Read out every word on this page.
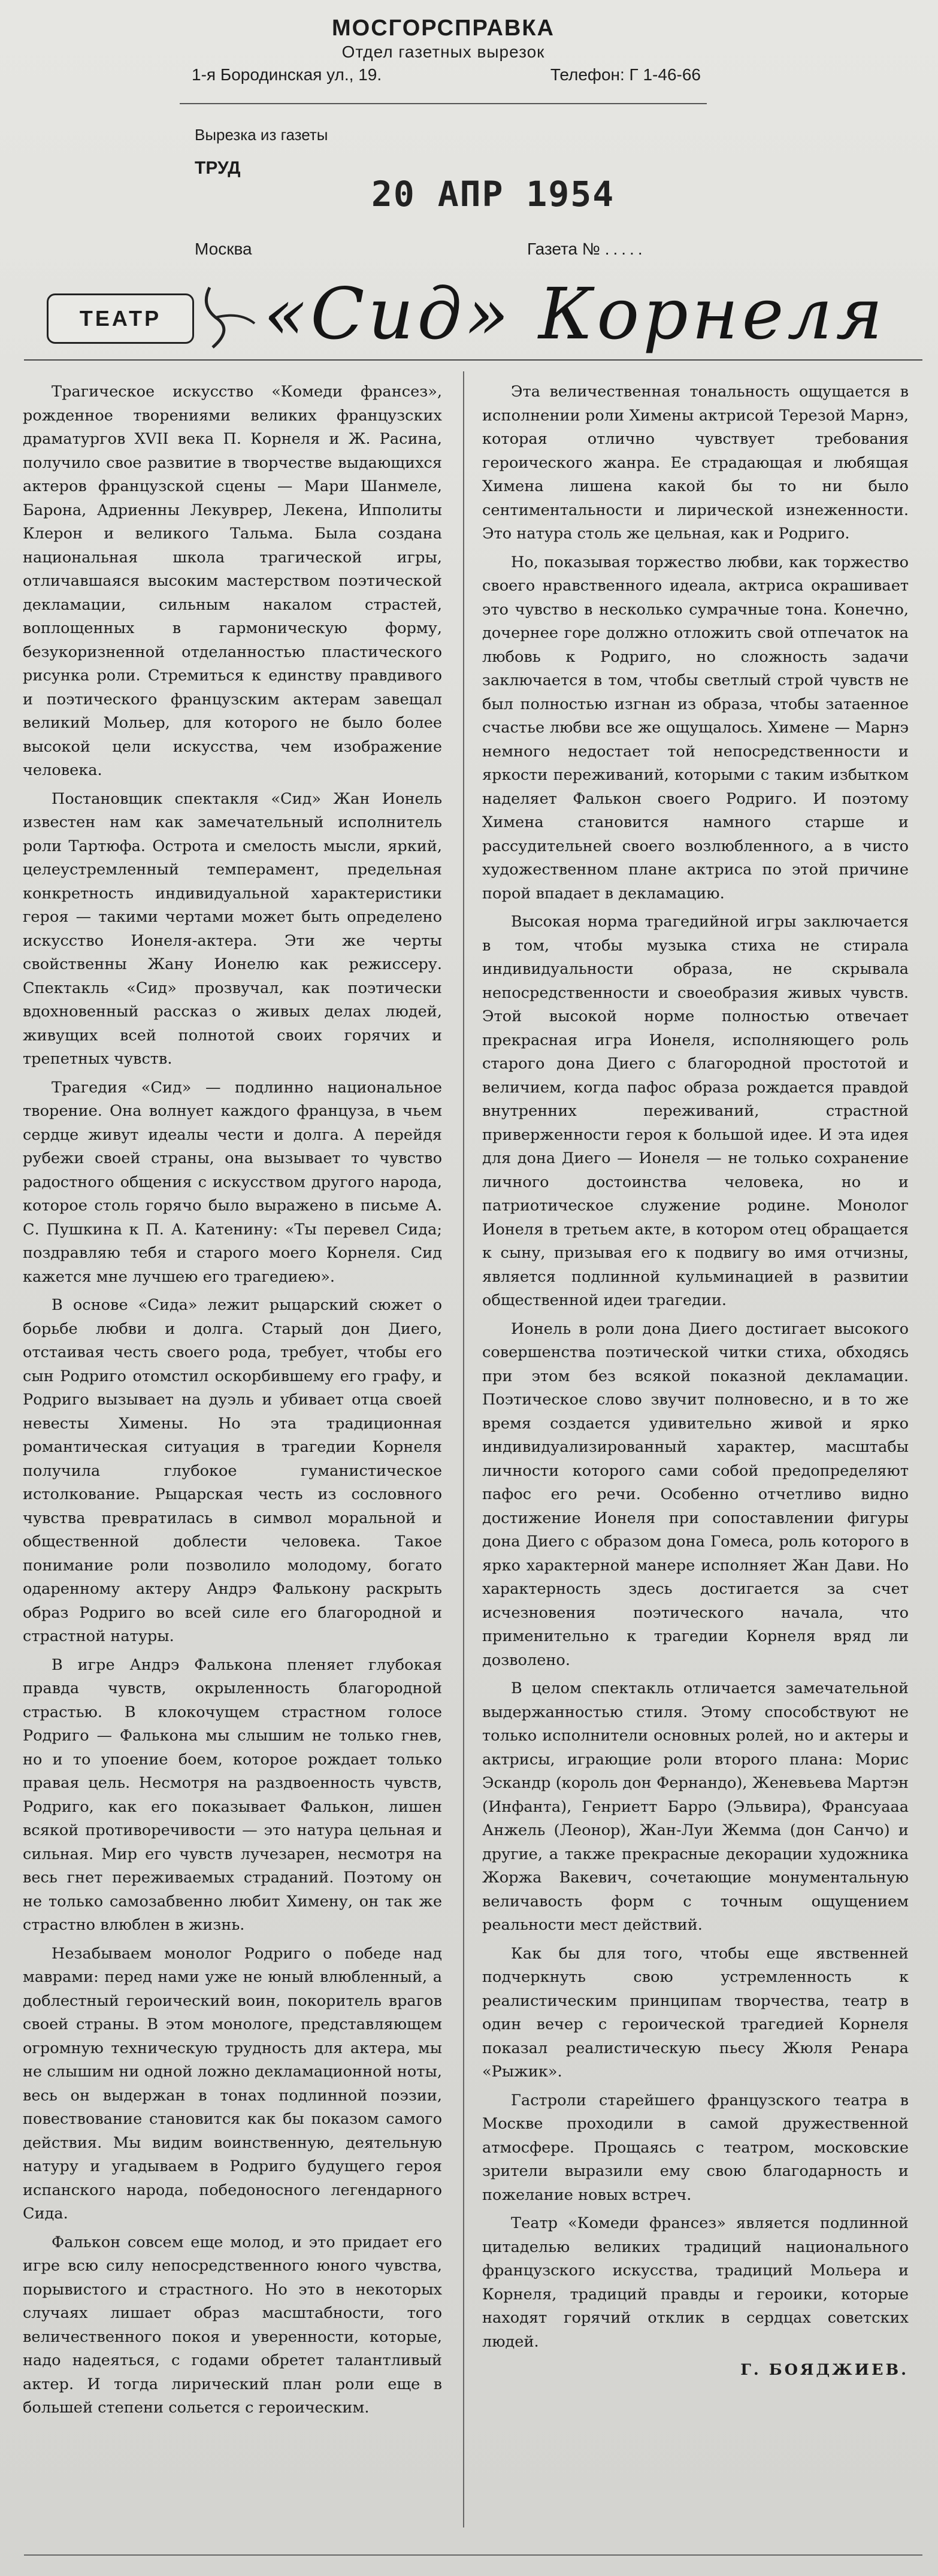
МОСГОРСПРАВКА
Отдел газетных вырезок
1-я Бородинская ул., 19.	Телефон: Г 1-46-66
Вырезка из газеты
ТРУД
20 АПР 1954
Москва	Газета № .....
ТЕАТР	«Сид» Корнеля

Трагическое искусство «Комеди франсез», рожденное творениями великих французских драматургов XVII века П. Корнеля и Ж. Расина, получило свое развитие в творчестве выдающихся актеров французской сцены — Мари Шанмеле, Барона, Адриенны Лекуврер, Лекена, Ипполиты Клерон и великого Тальма. Была создана национальная школа трагической игры, отличавшаяся высоким мастерством поэтической декламации, сильным накалом страстей, воплощенных в гармоническую форму, безукоризненной отделанностью пластического рисунка роли. Стремиться к единству правдивого и поэтического французским актерам завещал великий Мольер, для которого не было более высокой цели искусства, чем изображение человека.

Постановщик спектакля «Сид» Жан Ионель известен нам как замечательный исполнитель роли Тартюфа. Острота и смелость мысли, яркий, целеустремленный темперамент, предельная конкретность индивидуальной характеристики героя — такими чертами может быть определено искусство Ионеля-актера. Эти же черты свойственны Жану Ионелю как режиссеру. Спектакль «Сид» прозвучал, как поэтически вдохновенный рассказ о живых делах людей, живущих всей полнотой своих горячих и трепетных чувств.

Трагедия «Сид» — подлинно национальное творение. Она волнует каждого француза, в чьем сердце живут идеалы чести и долга. А перейдя рубежи своей страны, она вызывает то чувство радостного общения с искусством другого народа, которое столь горячо было выражено в письме А. С. Пушкина к П. А. Катенину: «Ты перевел Сида; поздравляю тебя и старого моего Корнеля. Сид кажется мне лучшею его трагедиею».

В основе «Сида» лежит рыцарский сюжет о борьбе любви и долга. Старый дон Диего, отстаивая честь своего рода, требует, чтобы его сын Родриго отомстил оскорбившему его графу, и Родриго вызывает на дуэль и убивает отца своей невесты Химены. Но эта традиционная романтическая ситуация в трагедии Корнеля получила глубокое гуманистическое истолкование. Рыцарская честь из сословного чувства превратилась в символ моральной и общественной доблести человека. Такое понимание роли позволило молодому, богато одаренному актеру Андрэ Фалькону раскрыть образ Родриго во всей силе его благородной и страстной натуры.

В игре Андрэ Фалькона пленяет глубокая правда чувств, окрыленность благородной страстью. В клокочущем страстном голосе Родриго — Фалькона мы слышим не только гнев, но и то упоение боем, которое рождает только правая цель. Несмотря на раздвоенность чувств, Родриго, как его показывает Фалькон, лишен всякой противоречивости — это натура цельная и сильная. Мир его чувств лучезарен, несмотря на весь гнет переживаемых страданий. Поэтому он не только самозабвенно любит Химену, он так же страстно влюблен в жизнь.

Незабываем монолог Родриго о победе над маврами: перед нами уже не юный влюбленный, а доблестный героический воин, покоритель врагов своей страны. В этом монологе, представляющем огромную техническую трудность для актера, мы не слышим ни одной ложно декламационной ноты, весь он выдержан в тонах подлинной поэзии, повествование становится как бы показом самого действия. Мы видим воинственную, деятельную натуру и угадываем в Родриго будущего героя испанского народа, победоносного легендарного Сида.

Фалькон совсем еще молод, и это придает его игре всю силу непосредственного юного чувства, порывистого и страстного. Но это в некоторых случаях лишает образ масштабности, того величественного покоя и уверенности, которые, надо надеяться, с годами обретет талантливый актер. И тогда лирический план роли еще в большей степени сольется с героическим.

Эта величественная тональность ощущается в исполнении роли Химены актрисой Терезой Марнэ, которая отлично чувствует требования героического жанра. Ее страдающая и любящая Химена лишена какой бы то ни было сентиментальности и лирической изнеженности. Это натура столь же цельная, как и Родриго.

Но, показывая торжество любви, как торжество своего нравственного идеала, актриса окрашивает это чувство в несколько сумрачные тона. Конечно, дочернее горе должно отложить свой отпечаток на любовь к Родриго, но сложность задачи заключается в том, чтобы светлый строй чувств не был полностью изгнан из образа, чтобы затаенное счастье любви все же ощущалось. Химене — Марнэ немного недостает той непосредственности и яркости переживаний, которыми с таким избытком наделяет Фалькон своего Родриго. И поэтому Химена становится намного старше и рассудительней своего возлюбленного, а в чисто художественном плане актриса по этой причине порой впадает в декламацию.

Высокая норма трагедийной игры заключается в том, чтобы музыка стиха не стирала индивидуальности образа, не скрывала непосредственности и своеобразия живых чувств. Этой высокой норме полностью отвечает прекрасная игра Ионеля, исполняющего роль старого дона Диего с благородной простотой и величием, когда пафос образа рождается правдой внутренних переживаний, страстной приверженности героя к большой идее. И эта идея для дона Диего — Ионеля — не только сохранение личного достоинства человека, но и патриотическое служение родине. Монолог Ионеля в третьем акте, в котором отец обращается к сыну, призывая его к подвигу во имя отчизны, является подлинной кульминацией в развитии общественной идеи трагедии.

Ионель в роли дона Диего достигает высокого совершенства поэтической читки стиха, обходясь при этом без всякой показной декламации. Поэтическое слово звучит полновесно, и в то же время создается удивительно живой и ярко индивидуализированный характер, масштабы личности которого сами собой предопределяют пафос его речи. Особенно отчетливо видно достижение Ионеля при сопоставлении фигуры дона Диего с образом дона Гомеса, роль которого в ярко характерной манере исполняет Жан Дави. Но характерность здесь достигается за счет исчезновения поэтического начала, что применительно к трагедии Корнеля вряд ли дозволено.

В целом спектакль отличается замечательной выдержанностью стиля. Этому способствуют не только исполнители основных ролей, но и актеры и актрисы, играющие роли второго плана: Морис Эскандр (король дон Фернандо), Женевьева Мартэн (Инфанта), Генриетт Барро (Эльвира), Франсуааа Анжель (Леонор), Жан-Луи Жемма (дон Санчо) и другие, а также прекрасные декорации художника Жоржа Вакевич, сочетающие монументальную величавость форм с точным ощущением реальности мест действий.

Как бы для того, чтобы еще явственней подчеркнуть свою устремленность к реалистическим принципам творчества, театр в один вечер с героической трагедией Корнеля показал реалистическую пьесу Жюля Ренара «Рыжик».

Гастроли старейшего французского театра в Москве проходили в самой дружественной атмосфере. Прощаясь с театром, московские зрители выразили ему свою благодарность и пожелание новых встреч.

Театр «Комеди франсез» является подлинной цитаделью великих традиций национального французского искусства, традиций Мольера и Корнеля, традиций правды и героики, которые находят горячий отклик в сердцах советских людей.

Г. БОЯДЖИЕВ.
